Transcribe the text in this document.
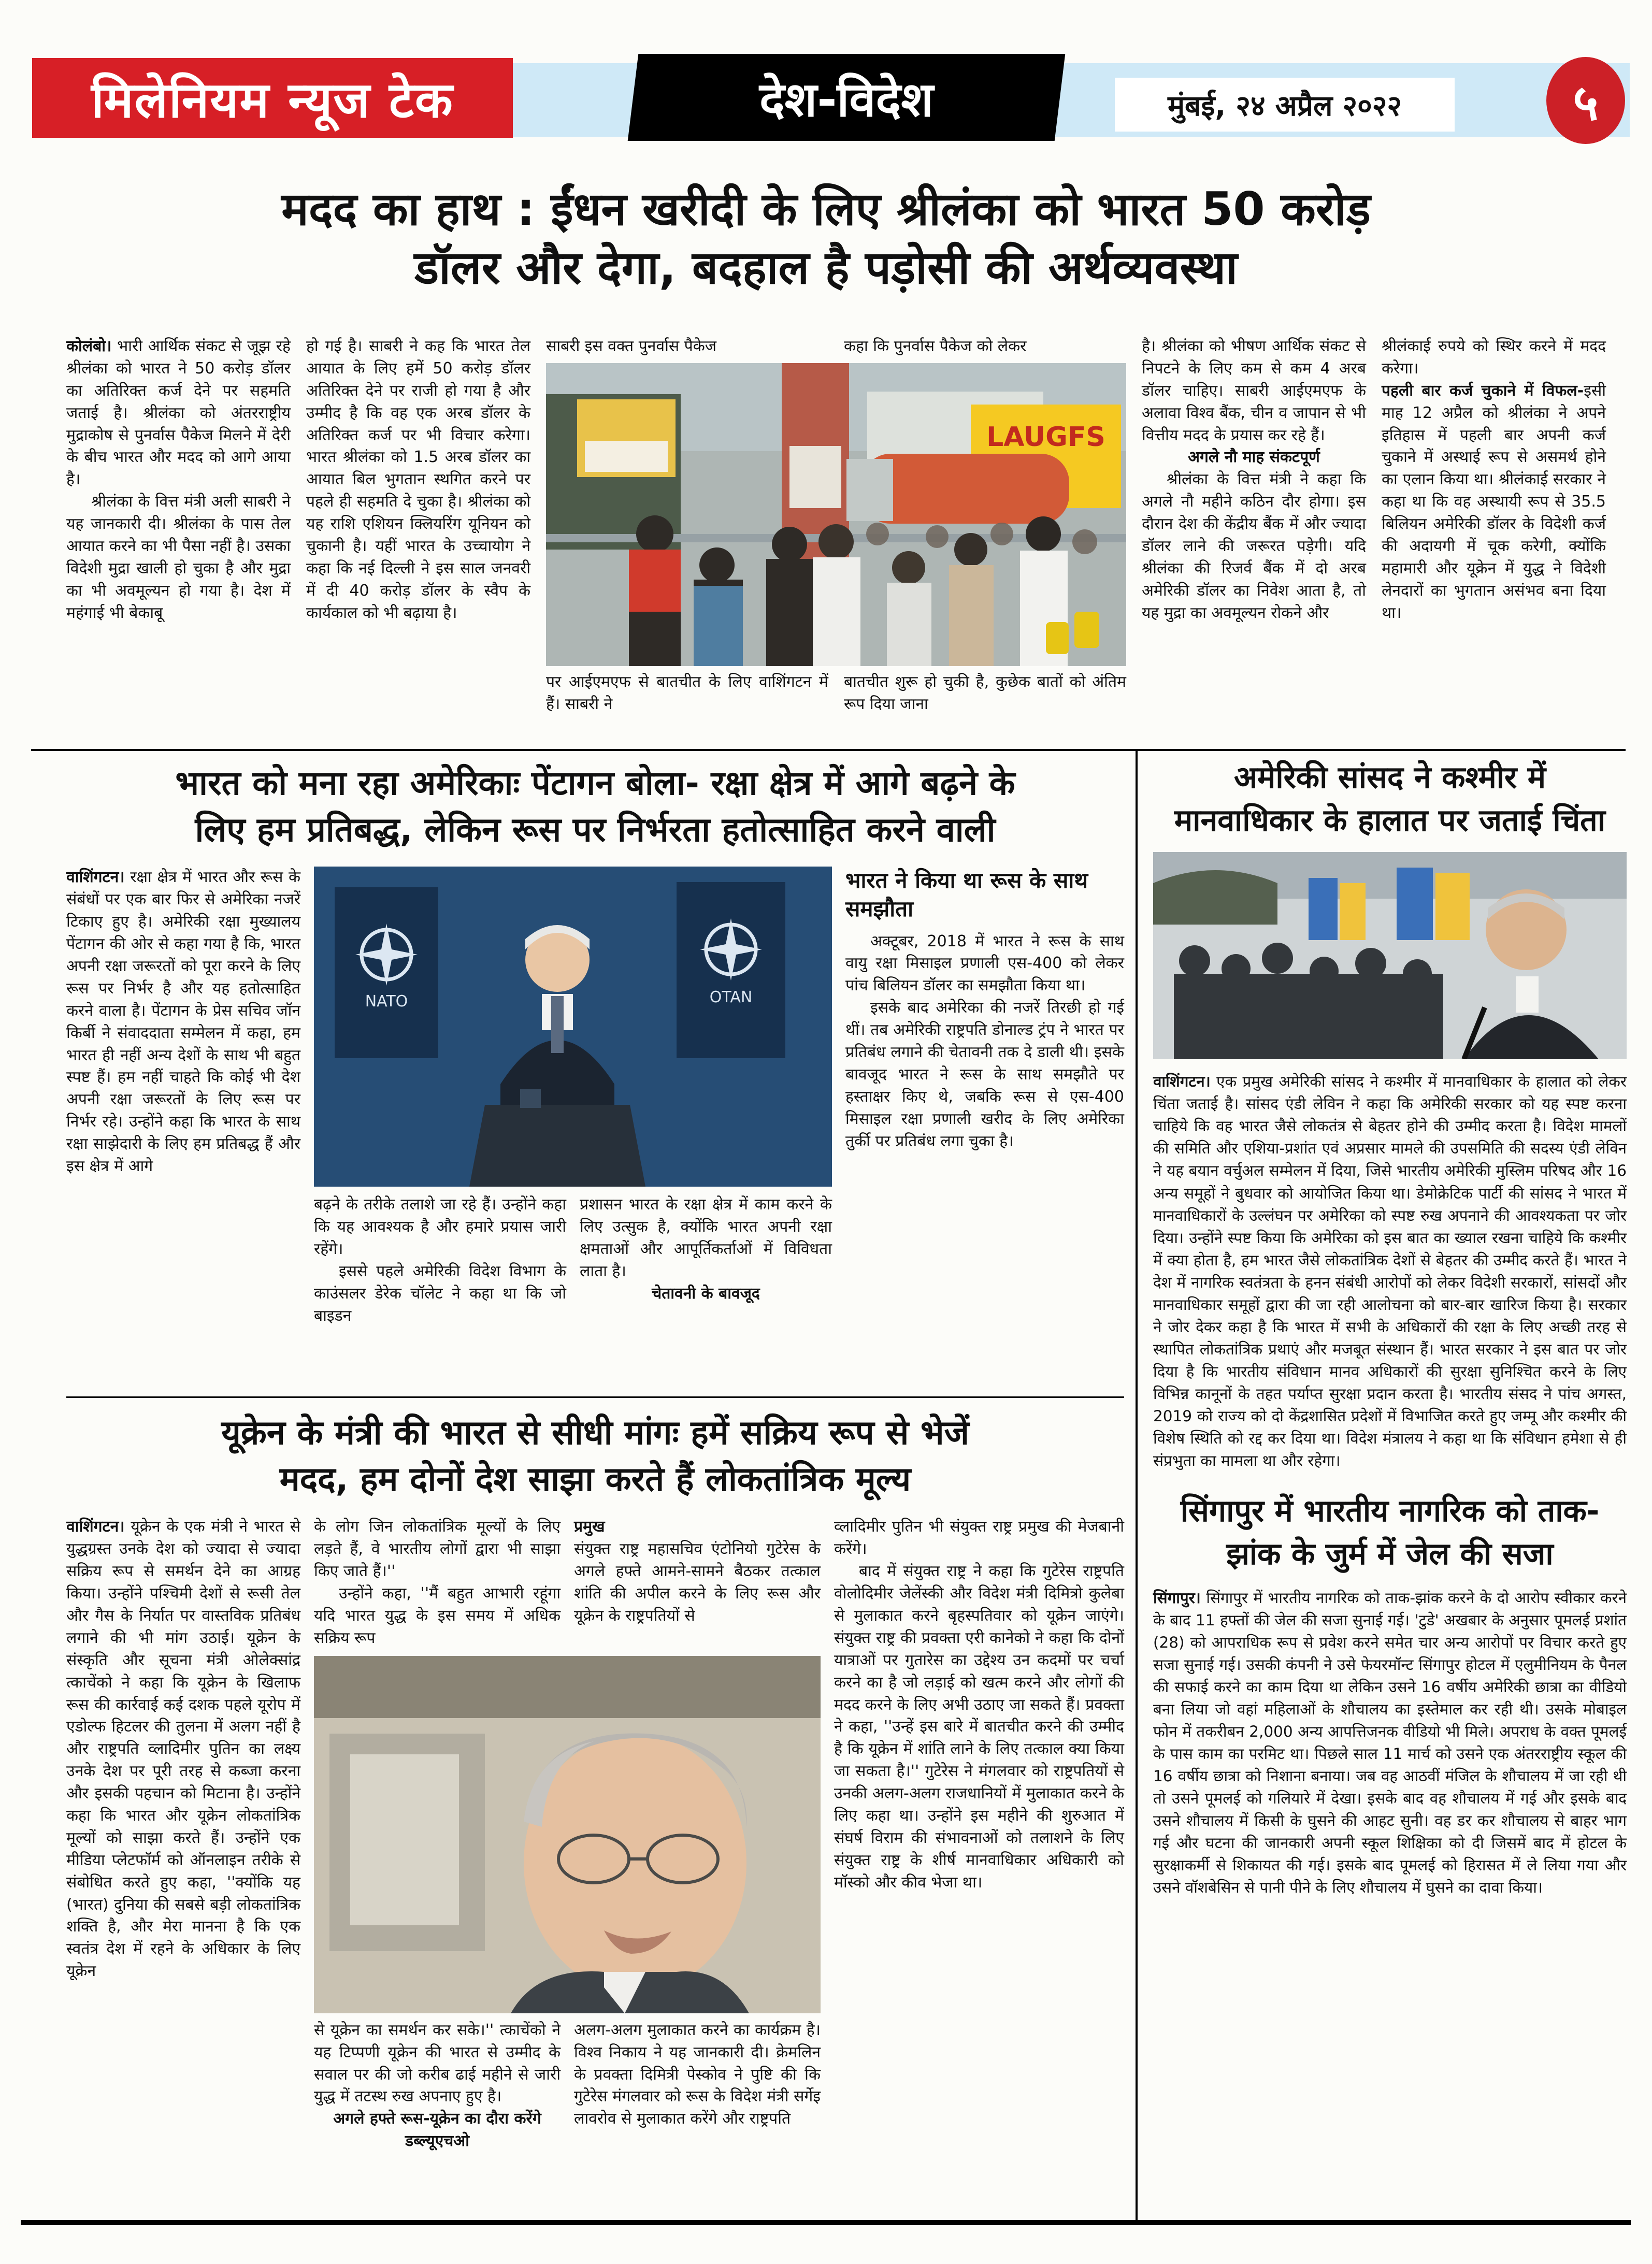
मिलेनियम न्यूज टेक	देश-विदेश	मुंबई, २४ अप्रैल २०२२	५
मदद का हाथ : ईंधन खरीदी के लिए श्रीलंका को भारत 50 करोड़
डॉलर और देगा, बदहाल है पड़ोसी की अर्थव्यवस्था

कोलंबो। भारी आर्थिक संकट से जूझ रहे श्रीलंका को भारत ने 50 करोड़ डॉलर का अतिरिक्त कर्ज देने पर सहमति जताई है। श्रीलंका को अंतरराष्ट्रीय मुद्राकोष से पुनर्वास पैकेज मिलने में देरी के बीच भारत और मदद को आगे आया है।

श्रीलंका के वित्त मंत्री अली साबरी ने यह जानकारी दी। श्रीलंका के पास तेल आयात करने का भी पैसा नहीं है। उसका विदेशी मुद्रा खाली हो चुका है और मुद्रा का भी अवमूल्यन हो गया है। देश में महंगाई भी बेकाबू

हो गई है। साबरी ने कह कि भारत तेल आयात के लिए हमें 50 करोड़ डॉलर अतिरिक्त देने पर राजी हो गया है और उम्मीद है कि वह एक अरब डॉलर के अतिरिक्त कर्ज पर भी विचार करेगा। भारत श्रीलंका को 1.5 अरब डॉलर का आयात बिल भुगतान स्थगित करने पर पहले ही सहमति दे चुका है। श्रीलंका को यह राशि एशियन क्लियरिंग यूनियन को चुकानी है। यहीं भारत के उच्चायोग ने कहा कि नई दिल्ली ने इस साल जनवरी में दी 40 करोड़ डॉलर के स्वैप के कार्यकाल को भी बढ़ाया है।

साबरी इस वक्त पुनर्वास पैकेज	कहा कि पुनर्वास पैकेज को लेकर

LAUGFS

पर आईएमएफ से बातचीत के लिए वाशिंगटन में हैं। साबरी ने

बातचीत शुरू हो चुकी है, कुछेक बातों को अंतिम रूप दिया जाना

है। श्रीलंका को भीषण आर्थिक संकट से निपटने के लिए कम से कम 4 अरब डॉलर चाहिए। साबरी आईएमएफ के अलावा विश्व बैंक, चीन व जापान से भी वित्तीय मदद के प्रयास कर रहे हैं।

अगले नौ माह संकटपूर्ण

श्रीलंका के वित्त मंत्री ने कहा कि अगले नौ महीने कठिन दौर होगा। इस दौरान देश की केंद्रीय बैंक में और ज्यादा डॉलर लाने की जरूरत पड़ेगी। यदि श्रीलंका की रिजर्व बैंक में दो अरब अमेरिकी डॉलर का निवेश आता है, तो यह मुद्रा का अवमूल्यन रोकने और

श्रीलंकाई रुपये को स्थिर करने में मदद करेगा।

पहली बार कर्ज चुकाने में विफल-इसी माह 12 अप्रैल को श्रीलंका ने अपने इतिहास में पहली बार अपनी कर्ज चुकाने में अस्थाई रूप से असमर्थ होने का एलान किया था। श्रीलंकाई सरकार ने कहा था कि वह अस्थायी रूप से 35.5 बिलियन अमेरिकी डॉलर के विदेशी कर्ज की अदायगी में चूक करेगी, क्योंकि महामारी और यूक्रेन में युद्ध ने विदेशी लेनदारों का भुगतान असंभव बना दिया था।

भारत को मना रहा अमेरिकाः पेंटागन बोला- रक्षा क्षेत्र में आगे बढ़ने के
लिए हम प्रतिबद्ध, लेकिन रूस पर निर्भरता हतोत्साहित करने वाली

वाशिंगटन। रक्षा क्षेत्र में भारत और रूस के संबंधों पर एक बार फिर से अमेरिका नजरें टिकाए हुए है। अमेरिकी रक्षा मुख्यालय पेंटागन की ओर से कहा गया है कि, भारत अपनी रक्षा जरूरतों को पूरा करने के लिए रूस पर निर्भर है और यह हतोत्साहित करने वाला है। पेंटागन के प्रेस सचिव जॉन किर्बी ने संवाददाता सम्मेलन में कहा, हम भारत ही नहीं अन्य देशों के साथ भी बहुत स्पष्ट हैं। हम नहीं चाहते कि कोई भी देश अपनी रक्षा जरूरतों के लिए रूस पर निर्भर रहे। उन्होंने कहा कि भारत के साथ रक्षा साझेदारी के लिए हम प्रतिबद्ध हैं और इस क्षेत्र में आगे

NATO	OTAN

बढ़ने के तरीके तलाशे जा रहे हैं। उन्होंने कहा कि यह आवश्यक है और हमारे प्रयास जारी रहेंगे।

इससे पहले अमेरिकी विदेश विभाग के काउंसलर डेरेक चॉलेट ने कहा था कि जो बाइडन

प्रशासन भारत के रक्षा क्षेत्र में काम करने के लिए उत्सुक है, क्योंकि भारत अपनी रक्षा क्षमताओं और आपूर्तिकर्ताओं में विविधता लाता है।

चेतावनी के बावजूद

भारत ने किया था रूस के साथ समझौता

अक्टूबर, 2018 में भारत ने रूस के साथ वायु रक्षा मिसाइल प्रणाली एस-400 को लेकर पांच बिलियन डॉलर का समझौता किया था।

इसके बाद अमेरिका की नजरें तिरछी हो गई थीं। तब अमेरिकी राष्ट्रपति डोनाल्ड ट्रंप ने भारत पर प्रतिबंध लगाने की चेतावनी तक दे डाली थी। इसके बावजूद भारत ने रूस के साथ समझौते पर हस्ताक्षर किए थे, जबकि रूस से एस-400 मिसाइल रक्षा प्रणाली खरीद के लिए अमेरिका तुर्की पर प्रतिबंध लगा चुका है।

यूक्रेन के मंत्री की भारत से सीधी मांगः हमें सक्रिय रूप से भेजें
मदद, हम दोनों देश साझा करते हैं लोकतांत्रिक मूल्य

वाशिंगटन। यूक्रेन के एक मंत्री ने भारत से युद्धग्रस्त उनके देश को ज्यादा से ज्यादा सक्रिय रूप से समर्थन देने का आग्रह किया। उन्होंने पश्चिमी देशों से रूसी तेल और गैस के निर्यात पर वास्तविक प्रतिबंध लगाने की भी मांग उठाई। यूक्रेन के संस्कृति और सूचना मंत्री ओलेक्सांद्र त्काचेंको ने कहा कि यूक्रेन के खिलाफ रूस की कार्रवाई कई दशक पहले यूरोप में एडोल्फ हिटलर की तुलना में अलग नहीं है और राष्ट्रपति व्लादिमीर पुतिन का लक्ष्य उनके देश पर पूरी तरह से कब्जा करना और इसकी पहचान को मिटाना है। उन्होंने कहा कि भारत और यूक्रेन लोकतांत्रिक मूल्यों को साझा करते हैं। उन्होंने एक मीडिया प्लेटफॉर्म को ऑनलाइन तरीके से संबोधित करते हुए कहा, ''क्योंकि यह (भारत) दुनिया की सबसे बड़ी लोकतांत्रिक शक्ति है, और मेरा मानना है कि एक स्वतंत्र देश में रहने के अधिकार के लिए यूक्रेन

के लोग जिन लोकतांत्रिक मूल्यों के लिए लड़ते हैं, वे भारतीय लोगों द्वारा भी साझा किए जाते हैं।''

उन्होंने कहा, ''मैं बहुत आभारी रहूंगा यदि भारत युद्ध के इस समय में अधिक सक्रिय रूप

प्रमुख
संयुक्त राष्ट्र महासचिव एंटोनियो गुटेरेस के अगले हफ्ते आमने-सामने बैठकर तत्काल शांति की अपील करने के लिए रूस और यूक्रेन के राष्ट्रपतियों से

से यूक्रेन का समर्थन कर सके।'' त्काचेंको ने यह टिप्पणी यूक्रेन की भारत से उम्मीद के सवाल पर की जो करीब ढाई महीने से जारी युद्ध में तटस्थ रुख अपनाए हुए है।

अगले हफ्ते रूस-यूक्रेन का दौरा करेंगे डब्ल्यूएचओ

अलग-अलग मुलाकात करने का कार्यक्रम है। विश्व निकाय ने यह जानकारी दी। क्रेमलिन के प्रवक्ता दिमित्री पेस्कोव ने पुष्टि की कि गुटेरेस मंगलवार को रूस के विदेश मंत्री सर्गेइ लावरोव से मुलाकात करेंगे और राष्ट्रपति

व्लादिमीर पुतिन भी संयुक्त राष्ट्र प्रमुख की मेजबानी करेंगे।

बाद में संयुक्त राष्ट्र ने कहा कि गुटेरेस राष्ट्रपति वोलोदिमीर जेलेंस्की और विदेश मंत्री दिमित्रो कुलेबा से मुलाकात करने बृहस्पतिवार को यूक्रेन जाएंगे। संयुक्त राष्ट्र की प्रवक्ता एरी कानेको ने कहा कि दोनों यात्राओं पर गुतारेस का उद्देश्य उन कदमों पर चर्चा करने का है जो लड़ाई को खत्म करने और लोगों की मदद करने के लिए अभी उठाए जा सकते हैं। प्रवक्ता ने कहा, ''उन्हें इस बारे में बातचीत करने की उम्मीद है कि यूक्रेन में शांति लाने के लिए तत्काल क्या किया जा सकता है।'' गुटेरेस ने मंगलवार को राष्ट्रपतियों से उनकी अलग-अलग राजधानियों में मुलाकात करने के लिए कहा था। उन्होंने इस महीने की शुरुआत में संघर्ष विराम की संभावनाओं को तलाशने के लिए संयुक्त राष्ट्र के शीर्ष मानवाधिकार अधिकारी को मॉस्को और कीव भेजा था।

अमेरिकी सांसद ने कश्मीर में
मानवाधिकार के हालात पर जताई चिंता

वाशिंगटन। एक प्रमुख अमेरिकी सांसद ने कश्मीर में मानवाधिकार के हालात को लेकर चिंता जताई है। सांसद एंडी लेविन ने कहा कि अमेरिकी सरकार को यह स्पष्ट करना चाहिये कि वह भारत जैसे लोकतंत्र से बेहतर होने की उम्मीद करता है। विदेश मामलों की समिति और एशिया-प्रशांत एवं अप्रसार मामले की उपसमिति की सदस्य एंडी लेविन ने यह बयान वर्चुअल सम्मेलन में दिया, जिसे भारतीय अमेरिकी मुस्लिम परिषद और 16 अन्य समूहों ने बुधवार को आयोजित किया था। डेमोक्रेटिक पार्टी की सांसद ने भारत में मानवाधिकारों के उल्लंघन पर अमेरिका को स्पष्ट रुख अपनाने की आवश्यकता पर जोर दिया। उन्होंने स्पष्ट किया कि अमेरिका को इस बात का ख्याल रखना चाहिये कि कश्मीर में क्या होता है, हम भारत जैसे लोकतांत्रिक देशों से बेहतर की उम्मीद करते हैं। भारत ने देश में नागरिक स्वतंत्रता के हनन संबंधी आरोपों को लेकर विदेशी सरकारों, सांसदों और मानवाधिकार समूहों द्वारा की जा रही आलोचना को बार-बार खारिज किया है। सरकार ने जोर देकर कहा है कि भारत में सभी के अधिकारों की रक्षा के लिए अच्छी तरह से स्थापित लोकतांत्रिक प्रथाएं और मजबूत संस्थान हैं। भारत सरकार ने इस बात पर जोर दिया है कि भारतीय संविधान मानव अधिकारों की सुरक्षा सुनिश्चित करने के लिए विभिन्न कानूनों के तहत पर्याप्त सुरक्षा प्रदान करता है। भारतीय संसद ने पांच अगस्त, 2019 को राज्य को दो केंद्रशासित प्रदेशों में विभाजित करते हुए जम्मू और कश्मीर की विशेष स्थिति को रद्द कर दिया था। विदेश मंत्रालय ने कहा था कि संविधान हमेशा से ही संप्रभुता का मामला था और रहेगा।

सिंगापुर में भारतीय नागरिक को ताक-
झांक के जुर्म में जेल की सजा

सिंगापुर। सिंगापुर में भारतीय नागरिक को ताक-झांक करने के दो आरोप स्वीकार करने के बाद 11 हफ्तों की जेल की सजा सुनाई गई। 'टुडे' अखबार के अनुसार पूमलई प्रशांत (28) को आपराधिक रूप से प्रवेश करने समेत चार अन्य आरोपों पर विचार करते हुए सजा सुनाई गई। उसकी कंपनी ने उसे फेयरमॉन्ट सिंगापुर होटल में एलुमीनियम के पैनल की सफाई करने का काम दिया था लेकिन उसने 16 वर्षीय अमेरिकी छात्रा का वीडियो बना लिया जो वहां महिलाओं के शौचालय का इस्तेमाल कर रही थी। उसके मोबाइल फोन में तकरीबन 2,000 अन्य आपत्तिजनक वीडियो भी मिले। अपराध के वक्त पूमलई के पास काम का परमिट था। पिछले साल 11 मार्च को उसने एक अंतरराष्ट्रीय स्कूल की 16 वर्षीय छात्रा को निशाना बनाया। जब वह आठवीं मंजिल के शौचालय में जा रही थी तो उसने पूमलई को गलियारे में देखा। इसके बाद वह शौचालय में गई और इसके बाद उसने शौचालय में किसी के घुसने की आहट सुनी। वह डर कर शौचालय से बाहर भाग गई और घटना की जानकारी अपनी स्कूल शिक्षिका को दी जिसमें बाद में होटल के सुरक्षाकर्मी से शिकायत की गई। इसके बाद पूमलई को हिरासत में ले लिया गया और उसने वॉशबेसिन से पानी पीने के लिए शौचालय में घुसने का दावा किया।
